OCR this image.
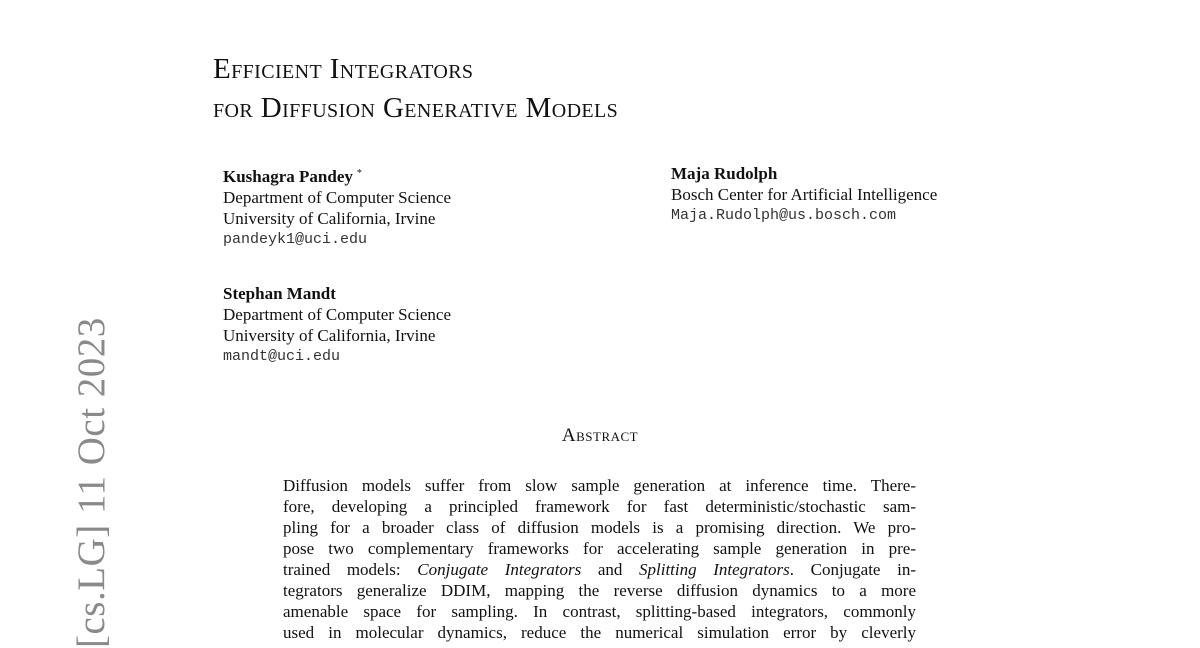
[cs.LG] 11 Oct 2023
Efficient Integrators
for Diffusion Generative Models
Kushagra Pandey *
Department of Computer Science
University of California, Irvine
pandeyk1@uci.edu
Maja Rudolph
Bosch Center for Artificial Intelligence
Maja.Rudolph@us.bosch.com
Stephan Mandt
Department of Computer Science
University of California, Irvine
mandt@uci.edu
Abstract
Diffusion models suffer from slow sample generation at inference time. There-
fore, developing a principled framework for fast deterministic/stochastic sam-
pling for a broader class of diffusion models is a promising direction. We pro-
pose two complementary frameworks for accelerating sample generation in pre-
trained models: Conjugate Integrators and Splitting Integrators. Conjugate in-
tegrators generalize DDIM, mapping the reverse diffusion dynamics to a more
amenable space for sampling. In contrast, splitting-based integrators, commonly
used in molecular dynamics, reduce the numerical simulation error by cleverly
